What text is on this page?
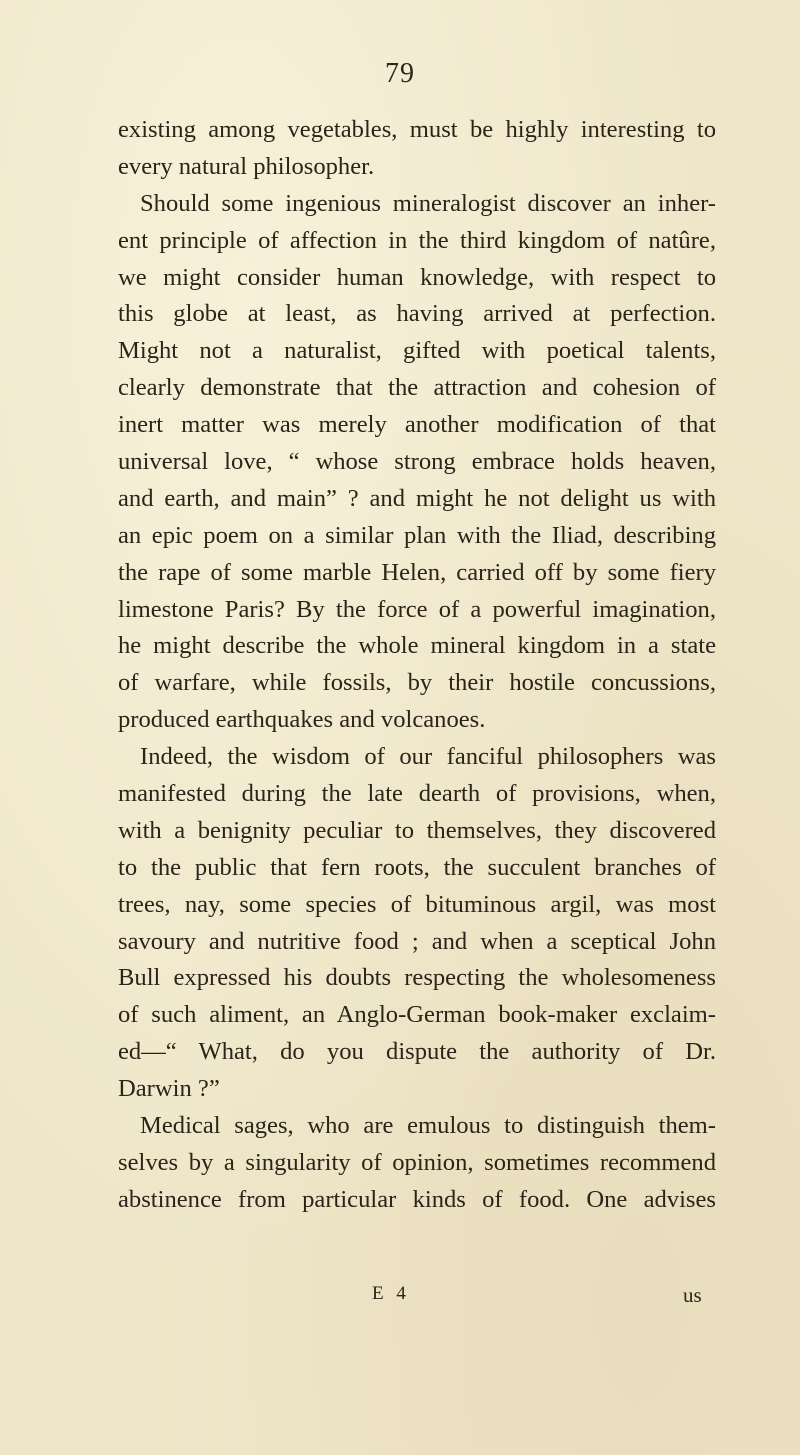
79
existing among vegetables, must be highly interesting to
every natural philosopher.
Should some ingenious mineralogist discover an inher-
ent principle of affection in the third kingdom of natûre,
we might consider human knowledge, with respect to
this globe at least, as having arrived at perfection.
Might not a naturalist, gifted with poetical talents,
clearly demonstrate that the attraction and cohesion of
inert matter was merely another modification of that
universal love, “ whose strong embrace holds heaven,
and earth, and main” ? and might he not delight us with
an epic poem on a similar plan with the Iliad, describing
the rape of some marble Helen, carried off by some fiery
limestone Paris? By the force of a powerful imagination,
he might describe the whole mineral kingdom in a state
of warfare, while fossils, by their hostile concussions,
produced earthquakes and volcanoes.
Indeed, the wisdom of our fanciful philosophers was
manifested during the late dearth of provisions, when,
with a benignity peculiar to themselves, they discovered
to the public that fern roots, the succulent branches of
trees, nay, some species of bituminous argil, was most
savoury and nutritive food ; and when a sceptical John
Bull expressed his doubts respecting the wholesomeness
of such aliment, an Anglo-German book-maker exclaim-
ed—“ What, do you dispute the authority of Dr.
Darwin ?”
Medical sages, who are emulous to distinguish them-
selves by a singularity of opinion, sometimes recommend
abstinence from particular kinds of food. One advises
E 4	us
